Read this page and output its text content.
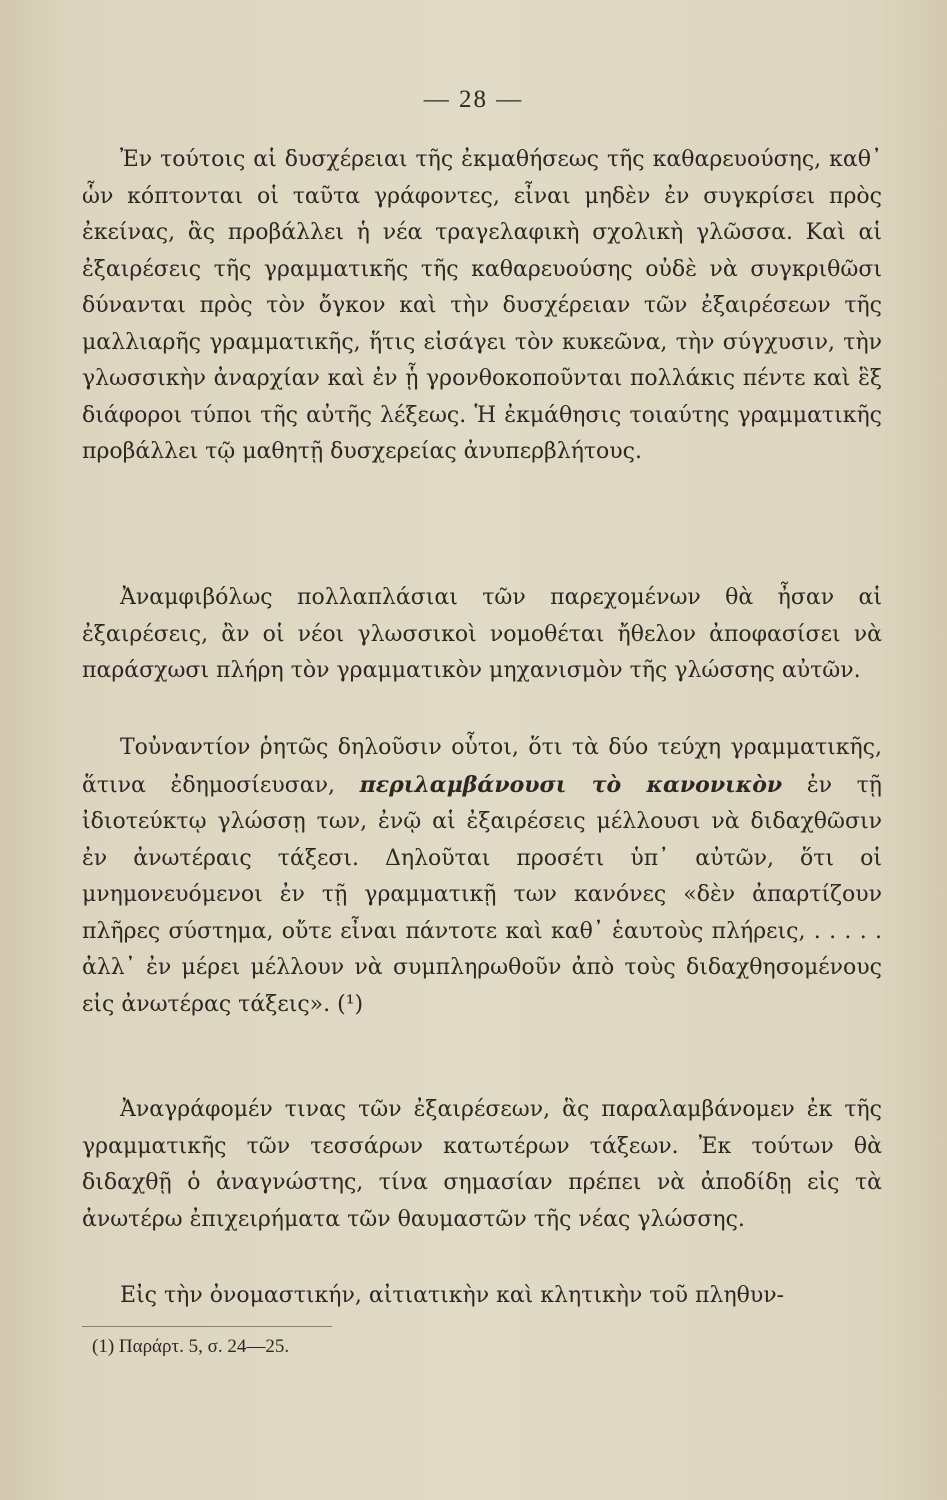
— 28 —

Ἐν τούτοις αἱ δυσχέρειαι τῆς ἐκμαθήσεως τῆς καθαρευούσης, καθ᾽ ὧν κόπτονται οἱ ταῦτα γράφοντες, εἶναι μηδὲν ἐν συγκρίσει πρὸς ἐκείνας, ἃς προβάλλει ἡ νέα τραγελαφικὴ σχολικὴ γλῶσσα. Καὶ αἱ ἐξαιρέσεις τῆς γραμματικῆς τῆς καθαρευούσης οὐδὲ νὰ συγκριθῶσι δύνανται πρὸς τὸν ὄγκον καὶ τὴν δυσχέρειαν τῶν ἐξαιρέσεων τῆς μαλλιαρῆς γραμματικῆς, ἥτις εἰσάγει τὸν κυκεῶνα, τὴν σύγχυσιν, τὴν γλωσσικὴν ἀναρχίαν καὶ ἐν ᾗ γρονθοκοποῦνται πολλάκις πέντε καὶ ἓξ διάφοροι τύποι τῆς αὐτῆς λέξεως. Ἡ ἐκμάθησις τοιαύτης γραμματικῆς προβάλλει τῷ μαθητῇ δυσχερείας ἀνυπερβλήτους.

Ἀναμφιβόλως πολλαπλάσιαι τῶν παρεχομένων θὰ ἦσαν αἱ ἐξαιρέσεις, ἂν οἱ νέοι γλωσσικοὶ νομοθέται ἤθελον ἀποφασίσει νὰ παράσχωσι πλήρη τὸν γραμματικὸν μηχανισμὸν τῆς γλώσσης αὐτῶν.

Τοὐναντίον ῥητῶς δηλοῦσιν οὗτοι, ὅτι τὰ δύο τεύχη γραμματικῆς, ἅτινα ἐδημοσίευσαν, περιλαμβάνουσι τὸ κανονικὸν ἐν τῇ ἰδιοτεύκτῳ γλώσσῃ των, ἐνῷ αἱ ἐξαιρέσεις μέλλουσι νὰ διδαχθῶσιν ἐν ἀνωτέραις τάξεσι. Δηλοῦται προσέτι ὑπ᾽ αὐτῶν, ὅτι οἱ μνημονευόμενοι ἐν τῇ γραμματικῇ των κανόνες «δὲν ἀπαρτίζουν πλῆρες σύστημα, οὔτε εἶναι πάντοτε καὶ καθ᾽ ἑαυτοὺς πλήρεις, . . . . . ἀλλ᾽ ἐν μέρει μέλλουν νὰ συμπληρωθοῦν ἀπὸ τοὺς διδαχθησομένους εἰς ἀνωτέρας τάξεις». (¹)

Ἀναγράφομέν τινας τῶν ἐξαιρέσεων, ἃς παραλαμβάνομεν ἐκ τῆς γραμματικῆς τῶν τεσσάρων κατωτέρων τάξεων. Ἐκ τούτων θὰ διδαχθῇ ὁ ἀναγνώστης, τίνα σημασίαν πρέπει νὰ ἀποδίδῃ εἰς τὰ ἀνωτέρω ἐπιχειρήματα τῶν θαυμαστῶν τῆς νέας γλώσσης.

Εἰς τὴν ὀνομαστικήν, αἰτιατικὴν καὶ κλητικὴν τοῦ πληθυν-

(1) Παράρτ. 5, σ. 24—25.
